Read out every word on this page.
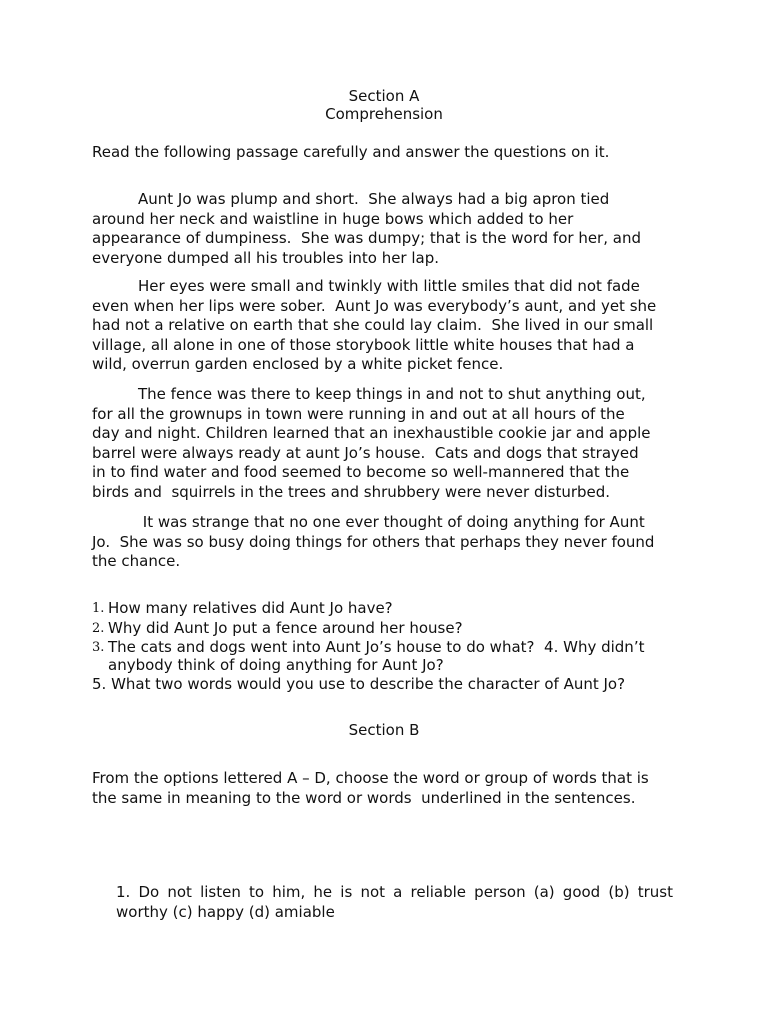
Section A
Comprehension
Read the following passage carefully and answer the questions on it.
Aunt Jo was plump and short.  She always had a big apron tied
around her neck and waistline in huge bows which added to her
appearance of dumpiness.  She was dumpy; that is the word for her, and
everyone dumped all his troubles into her lap.
Her eyes were small and twinkly with little smiles that did not fade
even when her lips were sober.  Aunt Jo was everybody’s aunt, and yet she
had not a relative on earth that she could lay claim.  She lived in our small
village, all alone in one of those storybook little white houses that had a
wild, overrun garden enclosed by a white picket fence.
The fence was there to keep things in and not to shut anything out,
for all the grownups in town were running in and out at all hours of the
day and night. Children learned that an inexhaustible cookie jar and apple
barrel were always ready at aunt Jo’s house.  Cats and dogs that strayed
in to find water and food seemed to become so well-mannered that the
birds and  squirrels in the trees and shrubbery were never disturbed.
It was strange that no one ever thought of doing anything for Aunt
Jo.  She was so busy doing things for others that perhaps they never found
the chance.
1. How many relatives did Aunt Jo have?
2. Why did Aunt Jo put a fence around her house?
3. The cats and dogs went into Aunt Jo’s house to do what?  4. Why didn’t
anybody think of doing anything for Aunt Jo?
5. What two words would you use to describe the character of Aunt Jo?
Section B
From the options lettered A – D, choose the word or group of words that is
the same in meaning to the word or words  underlined in the sentences.
1. Do not listen to him, he is not a reliable person (a) good (b) trust worthy (c) happy (d) amiable
